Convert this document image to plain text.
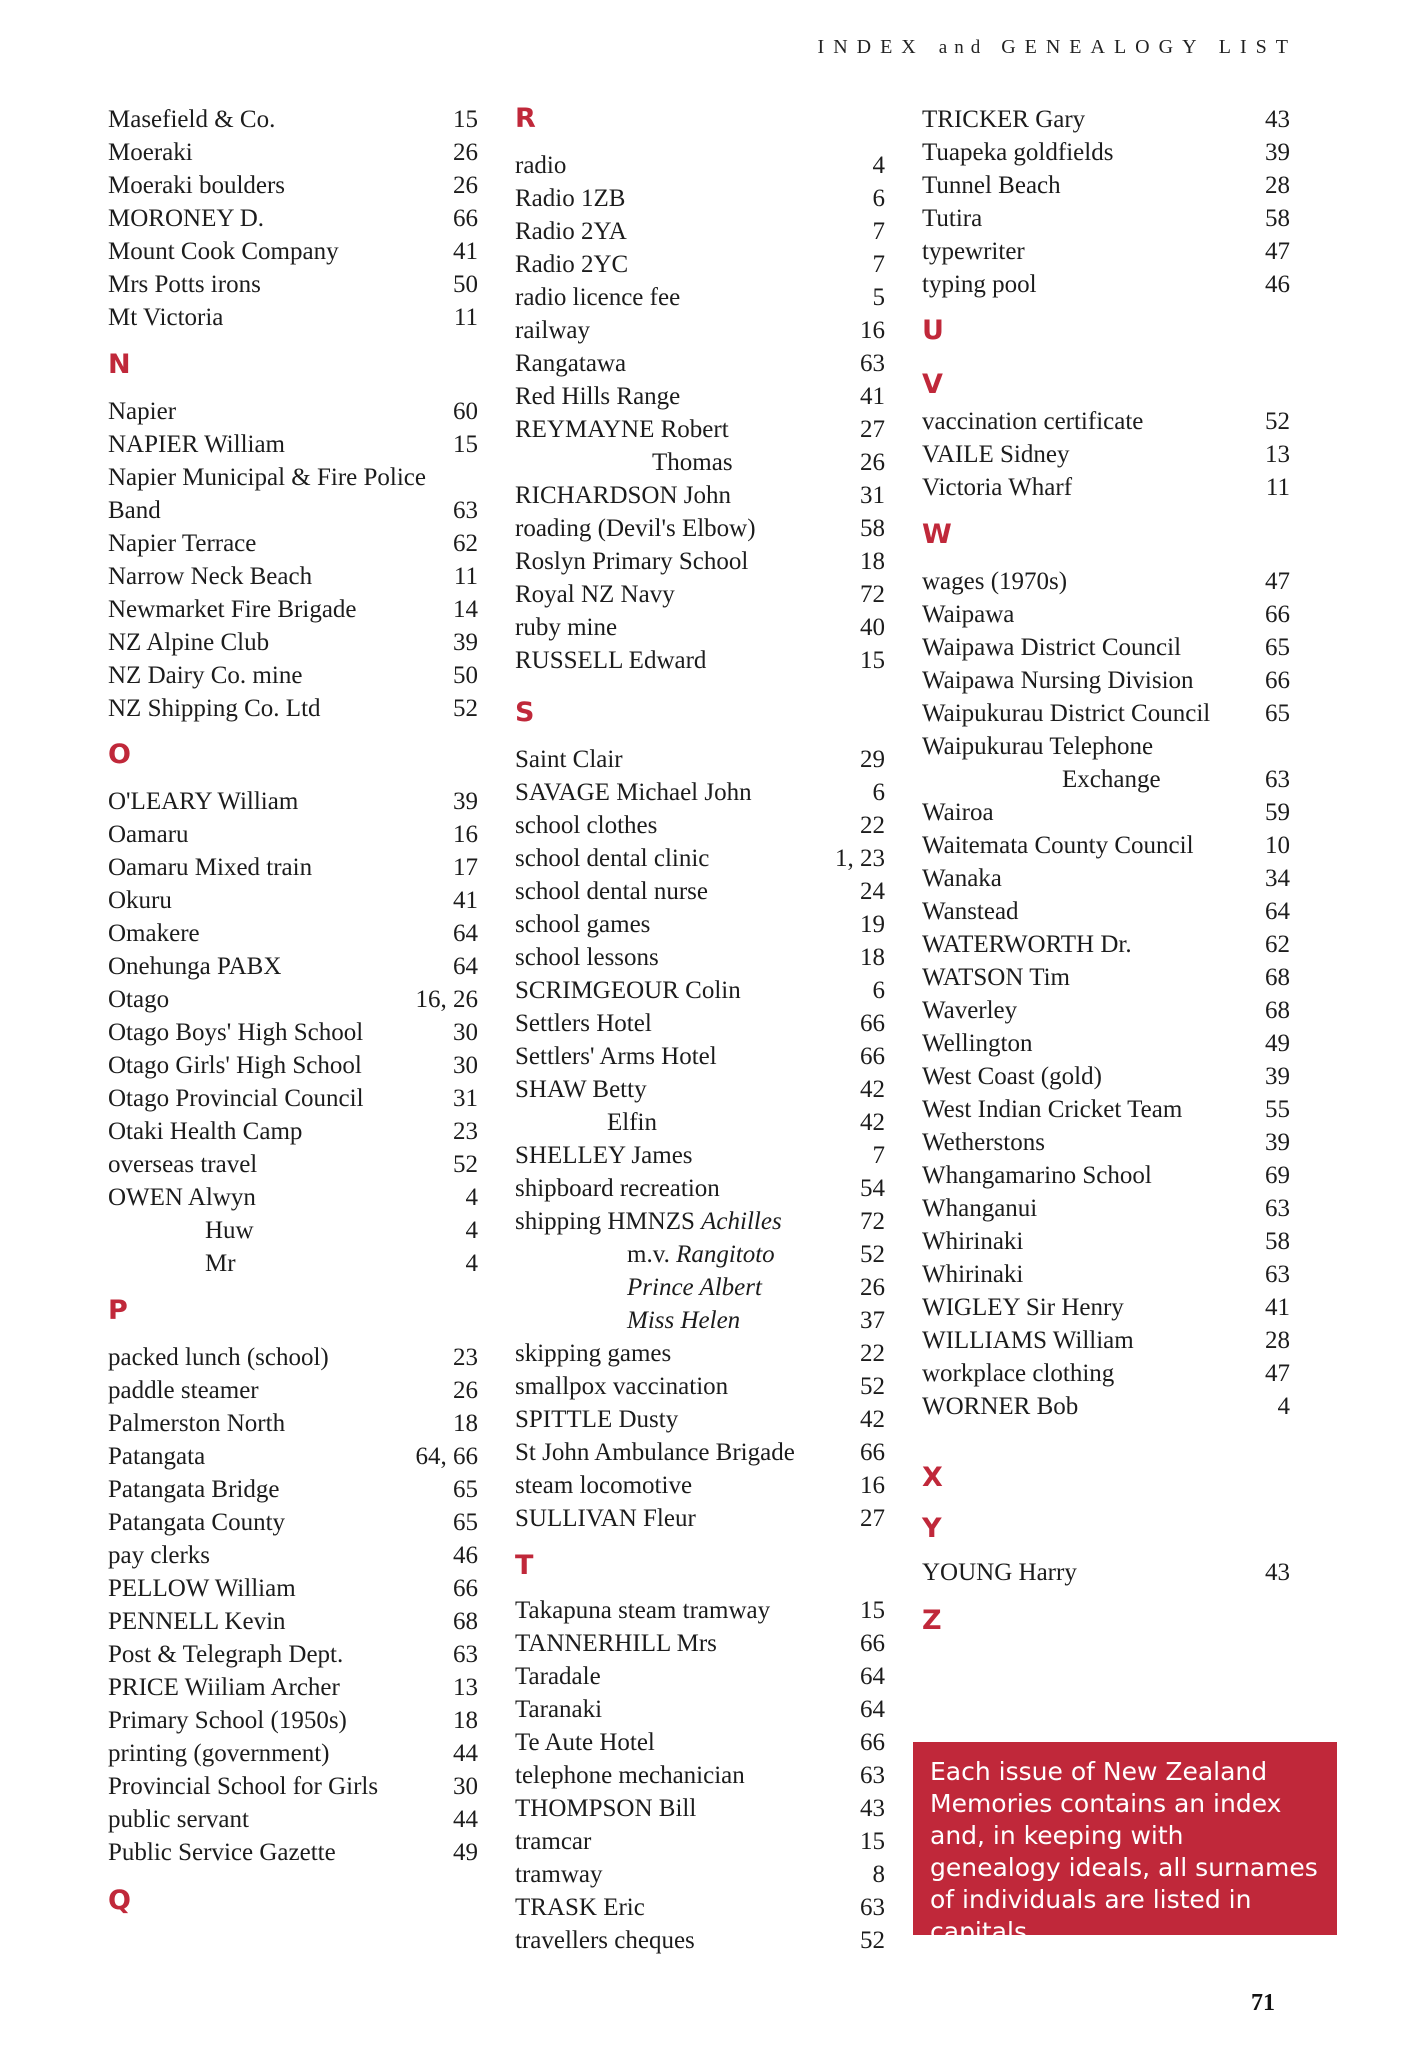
INDEX and GENEALOGY LIST
Masefield & Co.	15
Moeraki	26
Moeraki boulders	26
MORONEY D.	66
Mount Cook Company	41
Mrs Potts irons	50
Mt Victoria	11
N
Napier	60
NAPIER William	15
Napier Municipal & Fire Police
Band	63
Napier Terrace	62
Narrow Neck Beach	11
Newmarket Fire Brigade	14
NZ Alpine Club	39
NZ Dairy Co. mine	50
NZ Shipping Co. Ltd	52
O
O'LEARY William	39
Oamaru	16
Oamaru Mixed train	17
Okuru	41
Omakere	64
Onehunga PABX	64
Otago	16, 26
Otago Boys' High School	30
Otago Girls' High School	30
Otago Provincial Council	31
Otaki Health Camp	23
overseas travel	52
OWEN Alwyn	4
Huw	4
Mr	4
P
packed lunch (school)	23
paddle steamer	26
Palmerston North	18
Patangata	64, 66
Patangata Bridge	65
Patangata County	65
pay clerks	46
PELLOW William	66
PENNELL Kevin	68
Post & Telegraph Dept.	63
PRICE Wiiliam Archer	13
Primary School (1950s)	18
printing (government)	44
Provincial School for Girls	30
public servant	44
Public Service Gazette	49
Q
R
radio	4
Radio 1ZB	6
Radio 2YA	7
Radio 2YC	7
radio licence fee	5
railway	16
Rangatawa	63
Red Hills Range	41
REYMAYNE Robert	27
Thomas	26
RICHARDSON John	31
roading (Devil's Elbow)	58
Roslyn Primary School	18
Royal NZ Navy	72
ruby mine	40
RUSSELL Edward	15
S
Saint Clair	29
SAVAGE Michael John	6
school clothes	22
school dental clinic	1, 23
school dental nurse	24
school games	19
school lessons	18
SCRIMGEOUR Colin	6
Settlers Hotel	66
Settlers' Arms Hotel	66
SHAW Betty	42
Elfin	42
SHELLEY James	7
shipboard recreation	54
shipping HMNZS Achilles	72
m.v. Rangitoto	52
Prince Albert	26
Miss Helen	37
skipping games	22
smallpox vaccination	52
SPITTLE Dusty	42
St John Ambulance Brigade	66
steam locomotive	16
SULLIVAN Fleur	27
T
Takapuna steam tramway	15
TANNERHILL Mrs	66
Taradale	64
Taranaki	64
Te Aute Hotel	66
telephone mechanician	63
THOMPSON Bill	43
tramcar	15
tramway	8
TRASK Eric	63
travellers cheques	52
TRICKER Gary	43
Tuapeka goldfields	39
Tunnel Beach	28
Tutira	58
typewriter	47
typing pool	46
U
V
vaccination certificate	52
VAILE Sidney	13
Victoria Wharf	11
W
wages (1970s)	47
Waipawa	66
Waipawa District Council	65
Waipawa Nursing Division	66
Waipukurau District Council 65
Waipukurau Telephone
Exchange	63
Wairoa	59
Waitemata County Council	10
Wanaka	34
Wanstead	64
WATERWORTH Dr.	62
WATSON Tim	68
Waverley	68
Wellington	49
West Coast (gold)	39
West Indian Cricket Team	55
Wetherstons	39
Whangamarino School	69
Whanganui	63
Whirinaki	58
Whirinaki	63
WIGLEY Sir Henry	41
WILLIAMS William	28
workplace clothing	47
WORNER Bob	4
X
Y
YOUNG Harry	43
Z
Each issue of New Zealand Memories contains an index and, in keeping with genealogy ideals, all surnames of individuals are listed in capitals.
71
